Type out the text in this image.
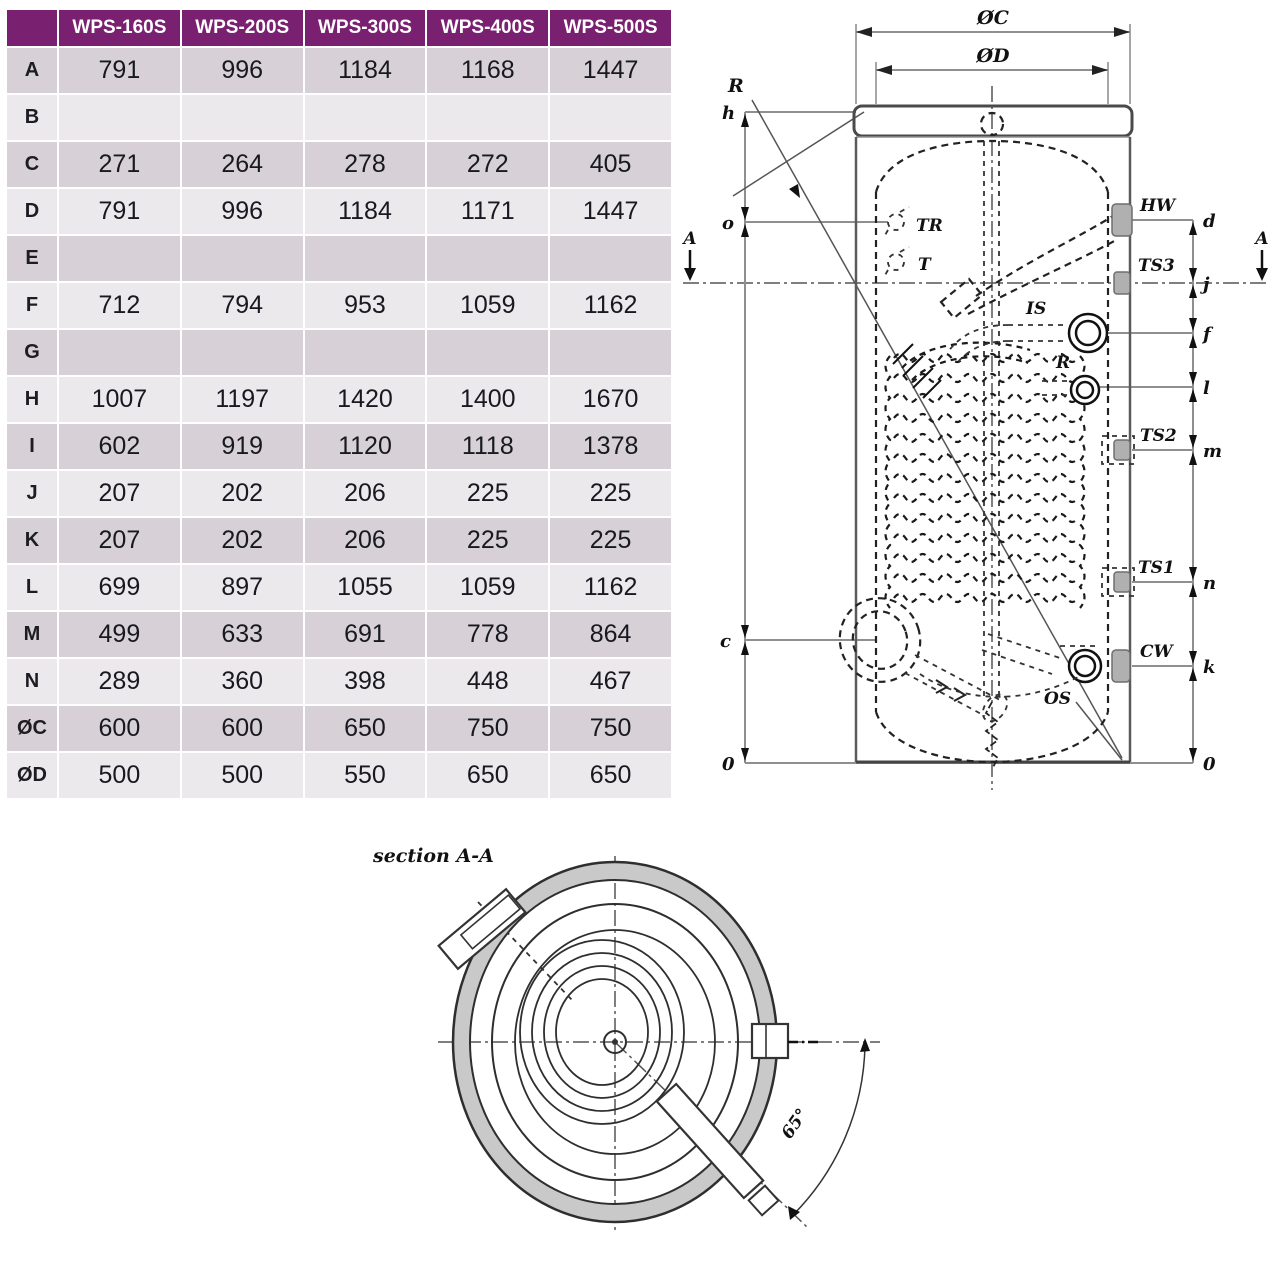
	WPS-160S	WPS-200S	WPS-300S	WPS-400S	WPS-500S
A	791	996	1184	1168	1447
B					
C	271	264	278	272	405
D	791	996	1184	1171	1447
E					
F	712	794	953	1059	1162
G					
H	1007	1197	1420	1400	1670
I	602	919	1120	1118	1378
J	207	202	206	225	225
K	207	202	206	225	225
L	699	897	1055	1059	1162
M	499	633	691	778	864
N	289	360	398	448	467
ØC	600	600	650	750	750
ØD	500	500	550	650	650
ØC
ØD
A	A
R
h
o
c
0
d
j
f
l
m
n
k
0
TR
T
HW
TS3
IS
R
TS2
TS1
CW
OS
section A-A
65°
